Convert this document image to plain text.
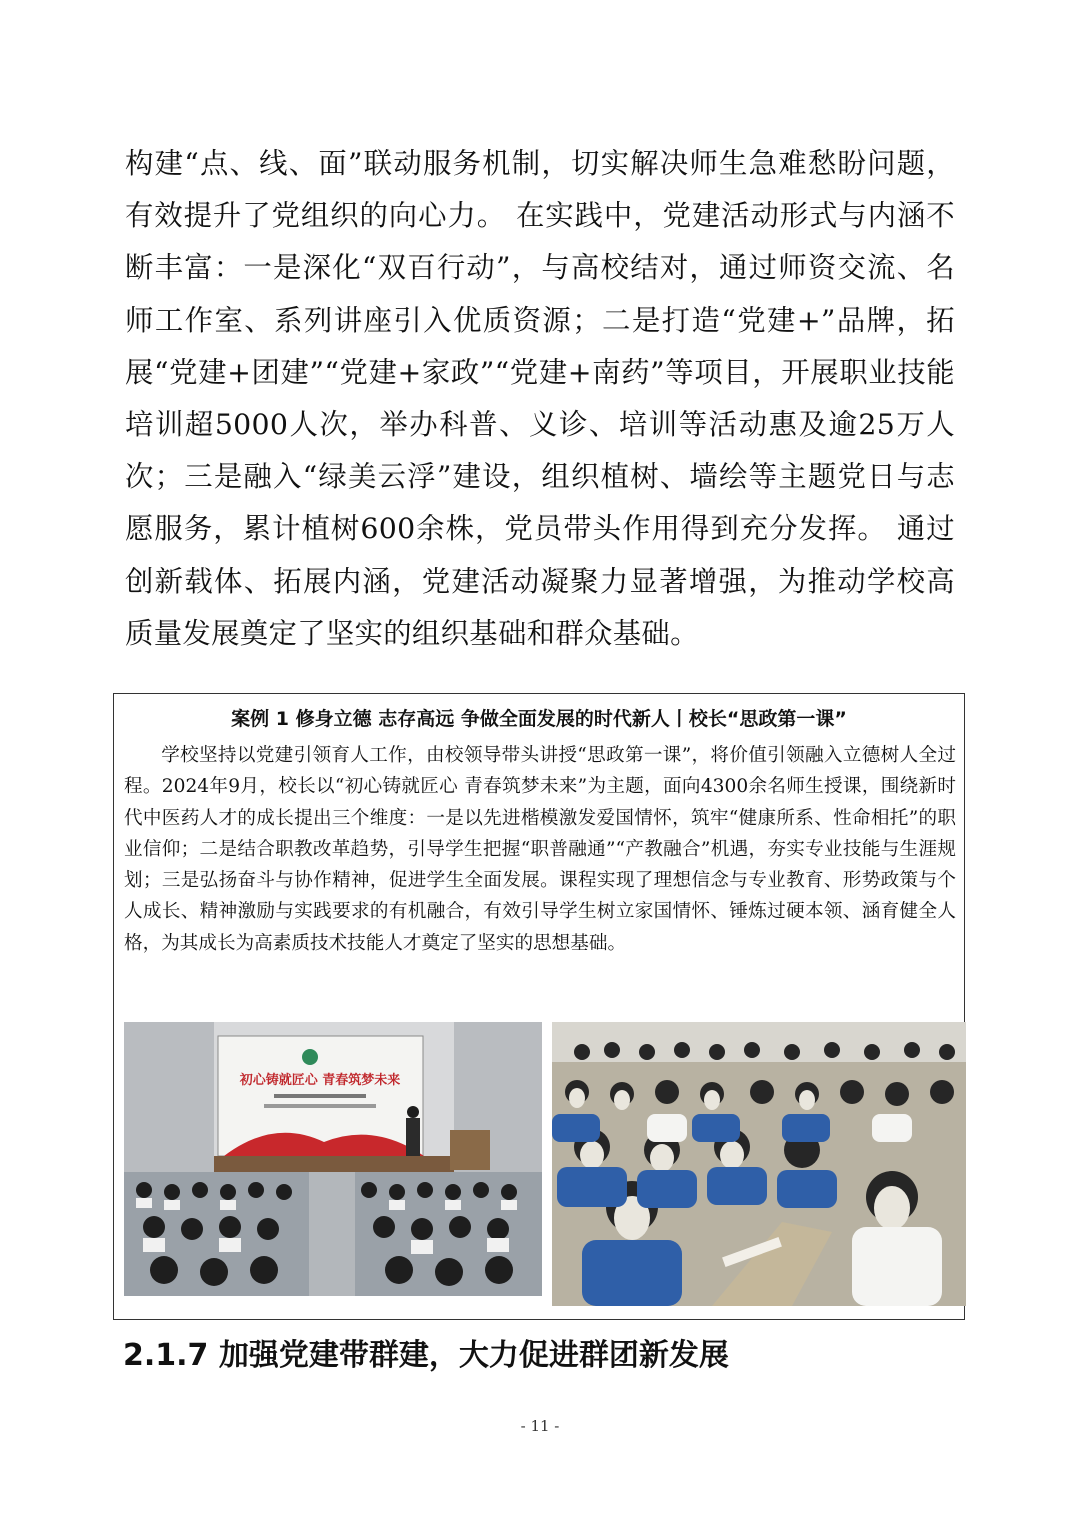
构建“点、线、面”联动服务机制，切实解决师生急难愁盼问题，有效提升了党组织的向心力。 在实践中，党建活动形式与内涵不断丰富：一是深化“双百行动”，与高校结对，通过师资交流、名师工作室、系列讲座引入优质资源；二是打造“党建+”品牌，拓展“党建+团建”“党建+家政”“党建+南药”等项目，开展职业技能培训超5000人次，举办科普、义诊、培训等活动惠及逾25万人次；三是融入“绿美云浮”建设，组织植树、墙绘等主题党日与志愿服务，累计植树600余株，党员带头作用得到充分发挥。 通过创新载体、拓展内涵，党建活动凝聚力显著增强，为推动学校高质量发展奠定了坚实的组织基础和群众基础。

案例 1 修身立德 志存高远 争做全面发展的时代新人丨校长“思政第一课”

学校坚持以党建引领育人工作，由校领导带头讲授“思政第一课”，将价值引领融入立德树人全过程。2024年9月，校长以“初心铸就匠心 青春筑梦未来”为主题，面向4300余名师生授课，围绕新时代中医药人才的成长提出三个维度：一是以先进楷模激发爱国情怀，筑牢“健康所系、性命相托”的职业信仰；二是结合职教改革趋势，引导学生把握“职普融通”“产教融合”机遇，夯实专业技能与生涯规划；三是弘扬奋斗与协作精神，促进学生全面发展。课程实现了理想信念与专业教育、形势政策与个人成长、精神激励与实践要求的有机融合，有效引导学生树立家国情怀、锤炼过硬本领、涵育健全人格，为其成长为高素质技术技能人才奠定了坚实的思想基础。

初心铸就匠心 青春筑梦未来
2.1.7 加强党建带群建，大力促进群团新发展
- 11 -
